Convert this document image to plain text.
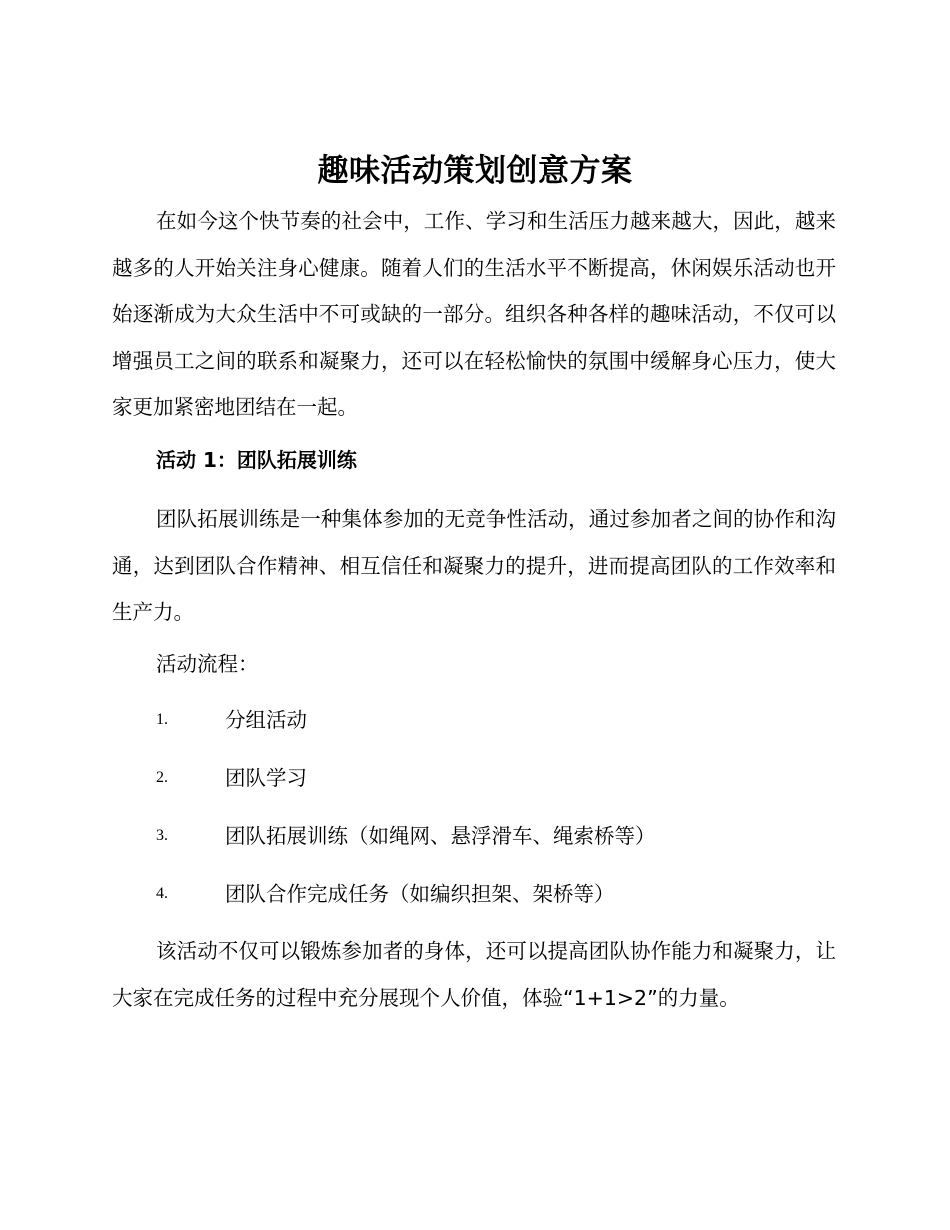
趣味活动策划创意方案
在如今这个快节奏的社会中，工作、学习和生活压力越来越大，因此，越来越多的人开始关注身心健康。随着人们的生活水平不断提高，休闲娱乐活动也开始逐渐成为大众生活中不可或缺的一部分。组织各种各样的趣味活动，不仅可以增强员工之间的联系和凝聚力，还可以在轻松愉快的氛围中缓解身心压力，使大家更加紧密地团结在一起。
活动 1：团队拓展训练
团队拓展训练是一种集体参加的无竞争性活动，通过参加者之间的协作和沟通，达到团队合作精神、相互信任和凝聚力的提升，进而提高团队的工作效率和生产力。
活动流程：
1.	分组活动
2.	团队学习
3.	团队拓展训练（如绳网、悬浮滑车、绳索桥等）
4.	团队合作完成任务（如编织担架、架桥等）
该活动不仅可以锻炼参加者的身体，还可以提高团队协作能力和凝聚力，让大家在完成任务的过程中充分展现个人价值，体验“1+1>2”的力量。
